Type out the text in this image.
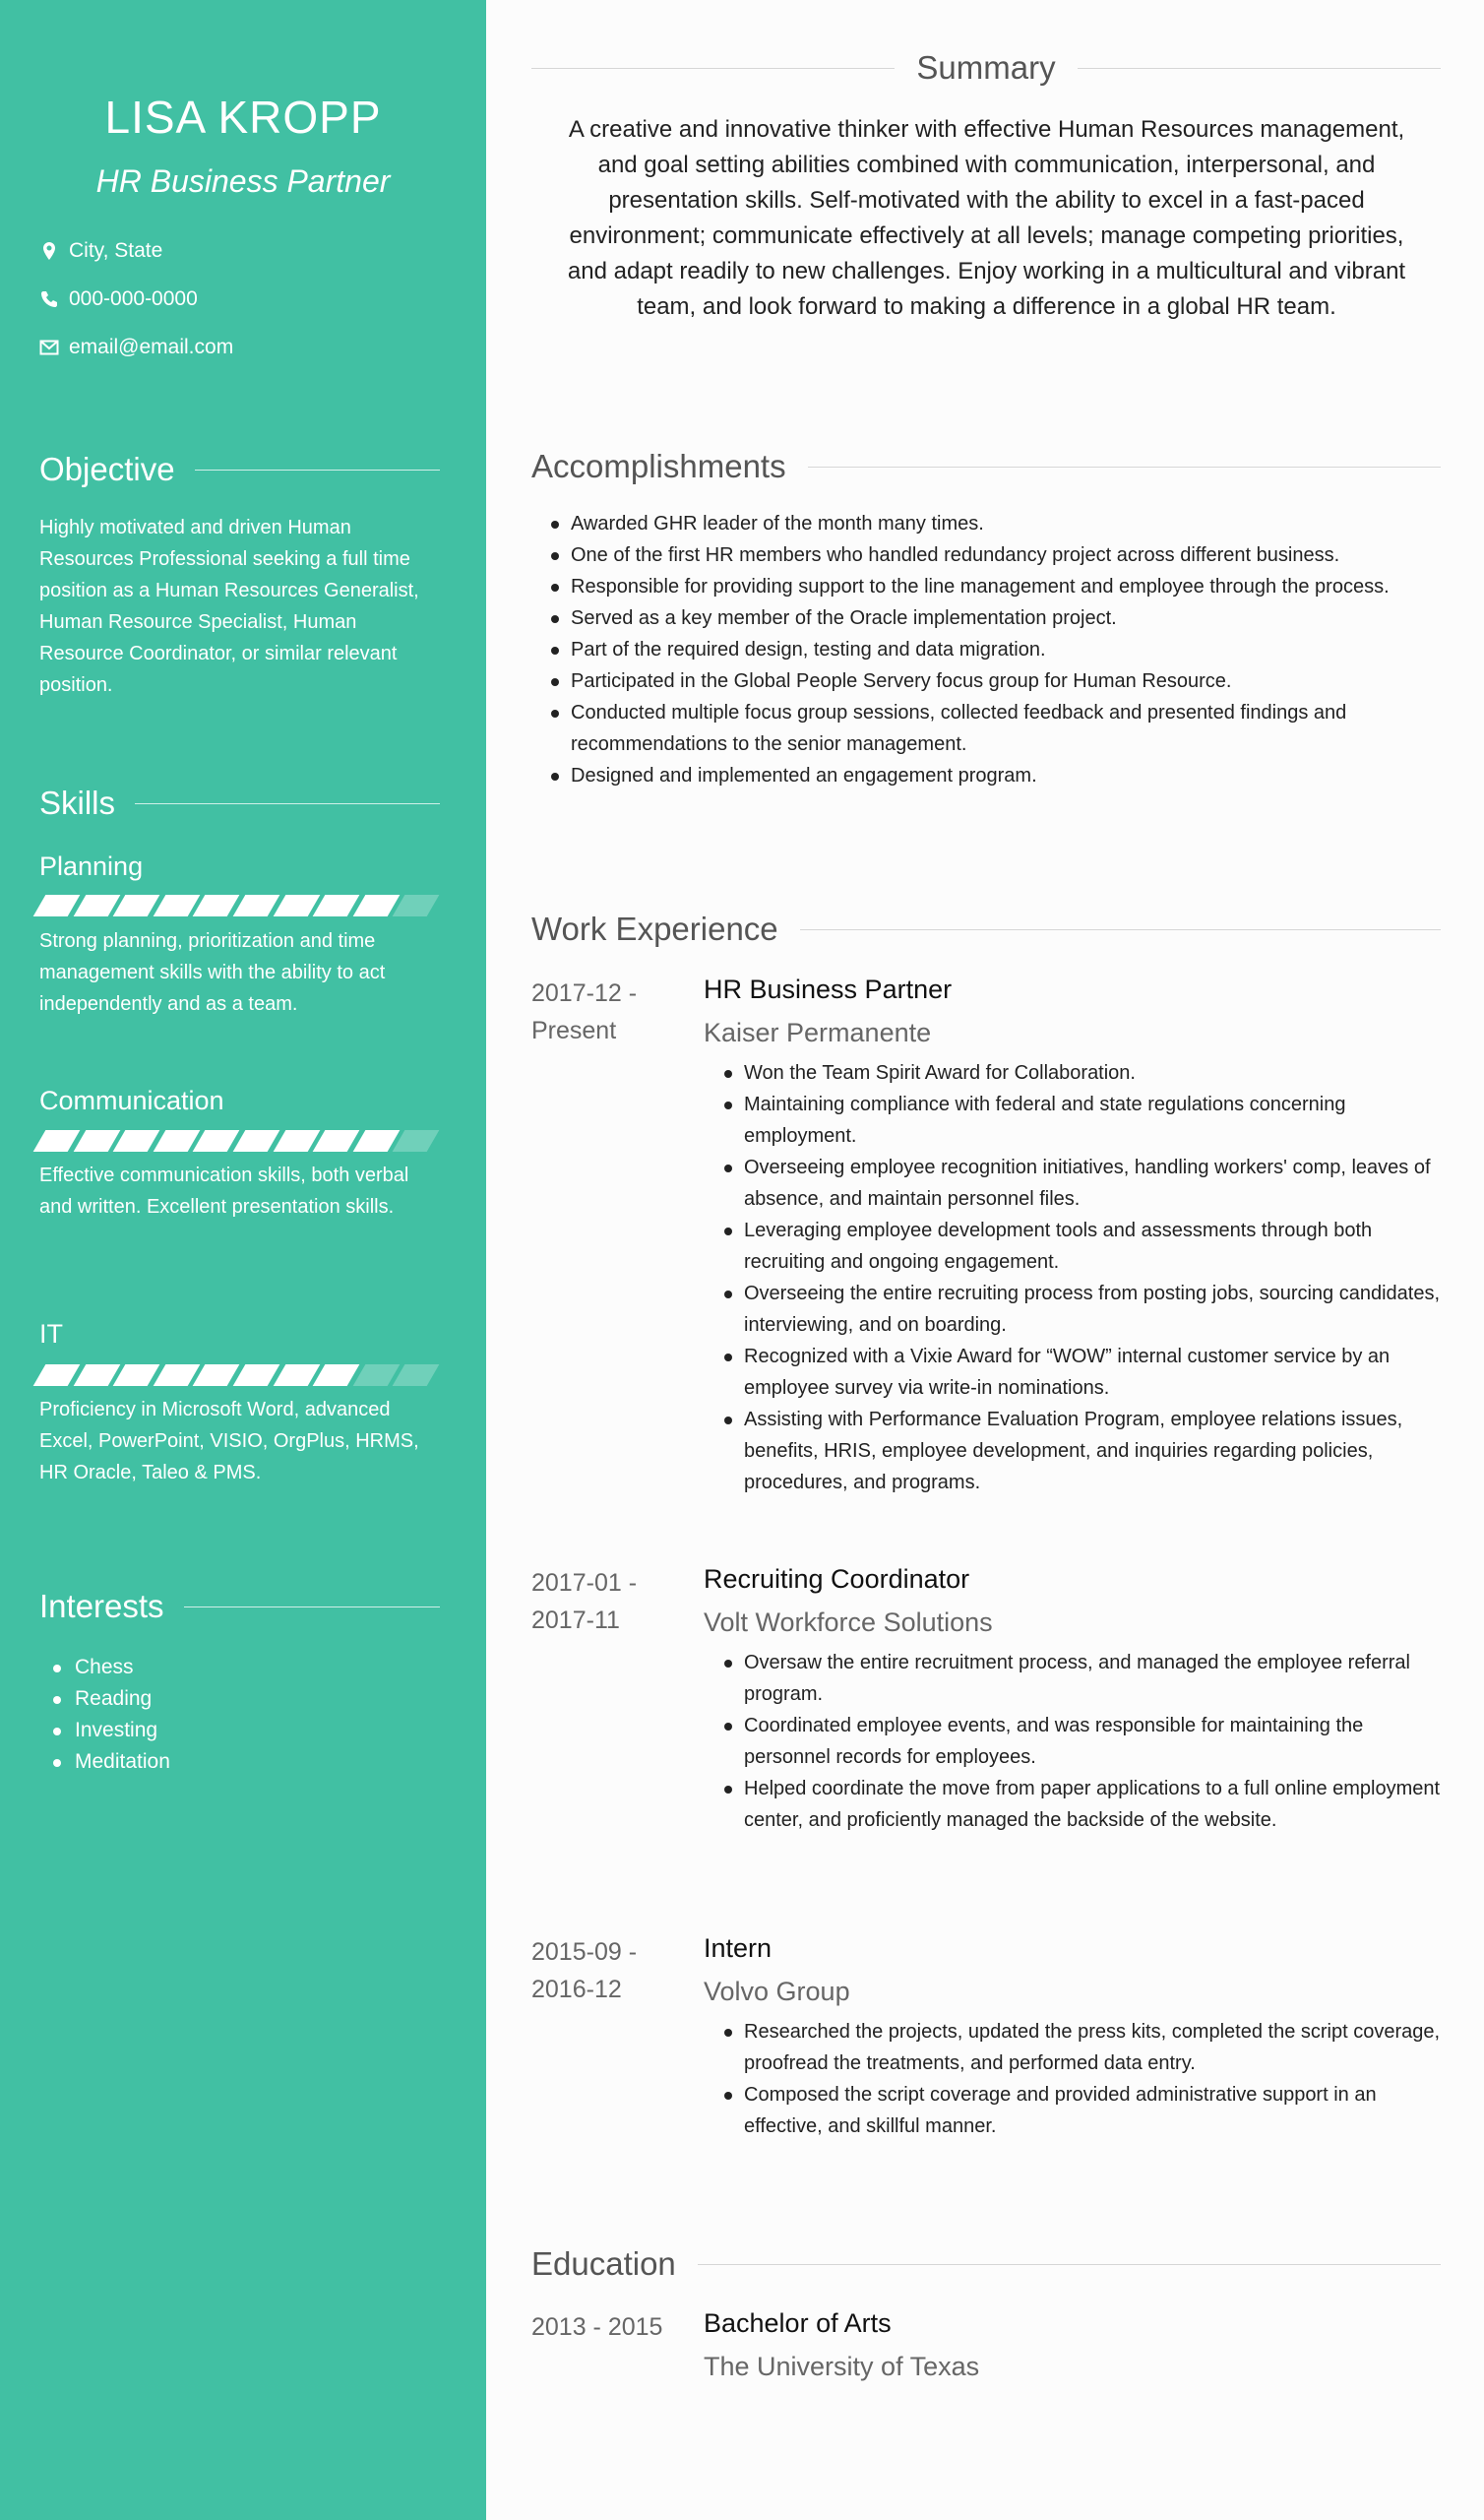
LISA KROPP
HR Business Partner
City, State
000-000-0000
email@email.com
Objective
Highly motivated and driven Human Resources Professional seeking a full time position as a Human Resources Generalist, Human Resource Specialist, Human Resource Coordinator, or similar relevant position.
Skills
Planning
Strong planning, prioritization and time management skills with the ability to act independently and as a team.
Communication
Effective communication skills, both verbal and written. Excellent presentation skills.
IT
Proficiency in Microsoft Word, advanced Excel, PowerPoint, VISIO, OrgPlus, HRMS, HR Oracle, Taleo & PMS.
Interests
Chess
Reading
Investing
Meditation
Summary
A creative and innovative thinker with effective Human Resources management, and goal setting abilities combined with communication, interpersonal, and presentation skills. Self-motivated with the ability to excel in a fast-paced environment; communicate effectively at all levels; manage competing priorities, and adapt readily to new challenges. Enjoy working in a multicultural and vibrant team, and look forward to making a difference in a global HR team.
Accomplishments
Awarded GHR leader of the month many times.
One of the first HR members who handled redundancy project across different business.
Responsible for providing support to the line management and employee through the process.
Served as a key member of the Oracle implementation project.
Part of the required design, testing and data migration.
Participated in the Global People Servery focus group for Human Resource.
Conducted multiple focus group sessions, collected feedback and presented findings and recommendations to the senior management.
Designed and implemented an engagement program.
Work Experience
2017-12 -
Present
HR Business Partner
Kaiser Permanente
Won the Team Spirit Award for Collaboration.
Maintaining compliance with federal and state regulations concerning employment.
Overseeing employee recognition initiatives, handling workers' comp, leaves of absence, and maintain personnel files.
Leveraging employee development tools and assessments through both recruiting and ongoing engagement.
Overseeing the entire recruiting process from posting jobs, sourcing candidates, interviewing, and on boarding.
Recognized with a Vixie Award for “WOW” internal customer service by an employee survey via write-in nominations.
Assisting with Performance Evaluation Program, employee relations issues, benefits, HRIS, employee development, and inquiries regarding policies, procedures, and programs.
2017-01 -
2017-11
Recruiting Coordinator
Volt Workforce Solutions
Oversaw the entire recruitment process, and managed the employee referral program.
Coordinated employee events, and was responsible for maintaining the personnel records for employees.
Helped coordinate the move from paper applications to a full online employment center, and proficiently managed the backside of the website.
2015-09 -
2016-12
Intern
Volvo Group
Researched the projects, updated the press kits, completed the script coverage, proofread the treatments, and performed data entry.
Composed the script coverage and provided administrative support in an effective, and skillful manner.
Education
2013 - 2015	Bachelor of Arts
The University of Texas
